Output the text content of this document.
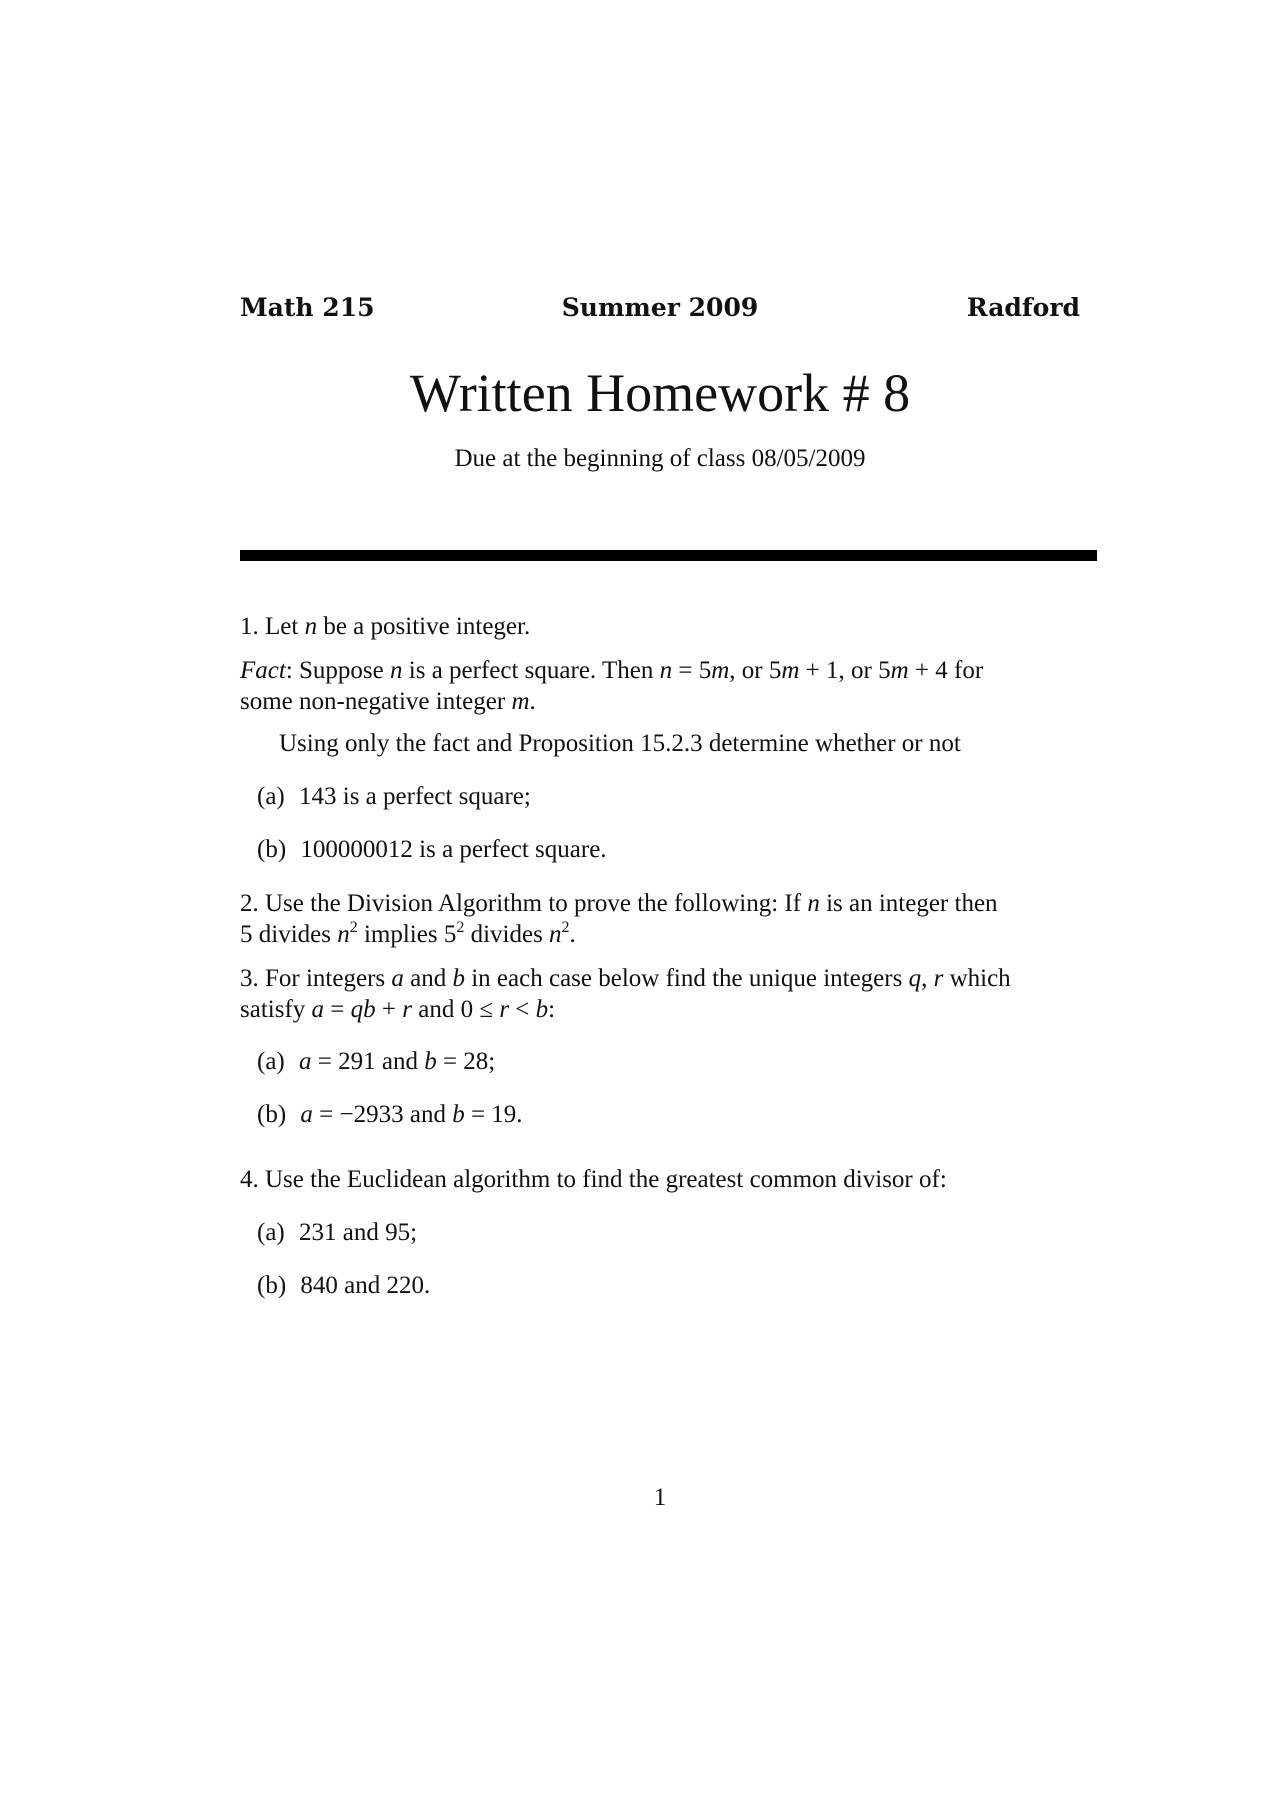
Math 215	Summer 2009	Radford
Written Homework # 8
Due at the beginning of class 08/05/2009
1. Let n be a positive integer.
Fact: Suppose n is a perfect square. Then n = 5m, or 5m + 1, or 5m + 4 for
some non-negative integer m.
Using only the fact and Proposition 15.2.3 determine whether or not
(a) 143 is a perfect square;
(b) 100000012 is a perfect square.
2. Use the Division Algorithm to prove the following: If n is an integer then
5 divides $n^2$ implies $5^2$ divides $n^2$.
3. For integers a and b in each case below find the unique integers q, r which
satisfy a = qb + r and 0 ≤ r < b:
(a) a = 291 and b = 28;
(b) a = −2933 and b = 19.
4. Use the Euclidean algorithm to find the greatest common divisor of:
(a) 231 and 95;
(b) 840 and 220.
1
